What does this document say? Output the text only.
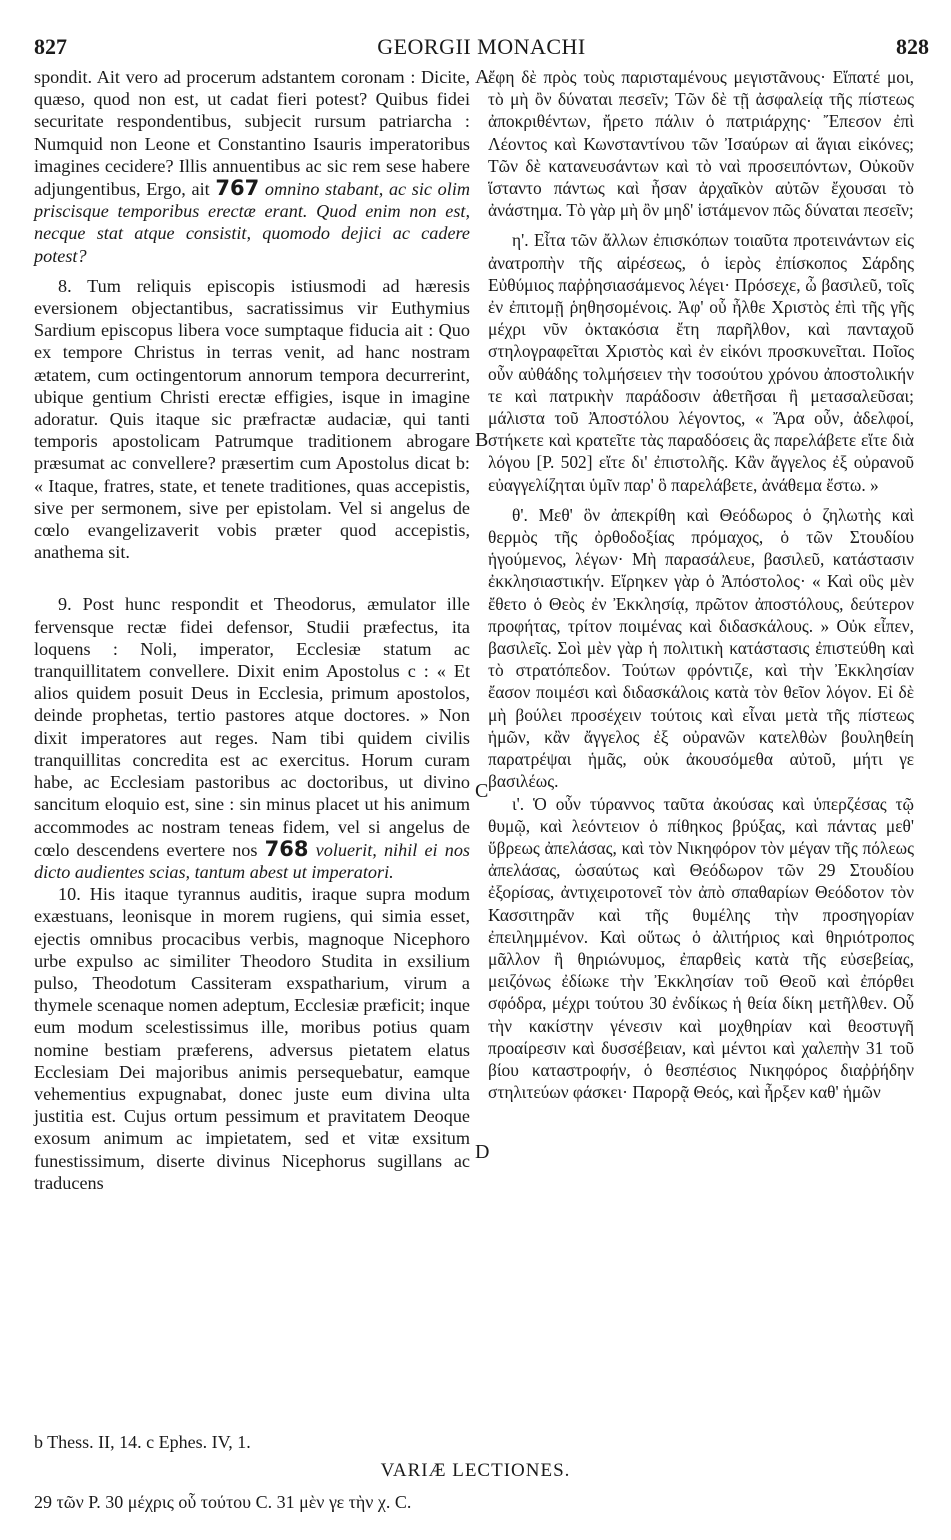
827	GEORGII MONACHI	828

spondit. Ait vero ad procerum adstantem coronam : Dicite, quæso, quod non est, ut cadat fieri potest? Quibus fidei securitate respondentibus, subjecit rursum patriarcha : Numquid non Leone et Constantino Isauris imperatoribus imagines cecidere? Illis annuentibus ac sic rem sese habere adjungentibus, Ergo, ait 767 omnino stabant, ac sic olim priscisque temporibus erectæ erant. Quod enim non est, necque stat atque consistit, quomodo dejici ac cadere potest?

8. Tum reliquis episcopis istiusmodi ad hæresis eversionem objectantibus, sacratissimus vir Euthymius Sardium episcopus libera voce sumptaque fiducia ait : Quo ex tempore Christus in terras venit, ad hanc nostram ætatem, cum octingentorum annorum tempora decurrerint, ubique gentium Christi erectæ effigies, isque in imagine adoratur. Quis itaque sic præfractæ audaciæ, qui tanti temporis apostolicam Patrumque traditionem abrogare præsumat ac convellere? præsertim cum Apostolus dicat b: « Itaque, fratres, state, et tenete traditiones, quas accepistis, sive per sermonem, sive per epistolam. Vel si angelus de cœlo evangelizaverit vobis præter quod accepistis, anathema sit.

9. Post hunc respondit et Theodorus, æmulator ille fervensque rectæ fidei defensor, Studii præfectus, ita loquens : Noli, imperator, Ecclesiæ statum ac tranquillitatem convellere. Dixit enim Apostolus c : « Et alios quidem posuit Deus in Ecclesia, primum apostolos, deinde prophetas, tertio pastores atque doctores. » Non dixit imperatores aut reges. Nam tibi quidem civilis tranquillitas concredita est ac exercitus. Horum curam habe, ac Ecclesiam pastoribus ac doctoribus, ut divino sancitum eloquio est, sine : sin minus placet ut his animum accommodes ac nostram teneas fidem, vel si angelus de cœlo descendens evertere nos 768 voluerit, nihil ei nos dicto audientes scias, tantum abest ut imperatori.

10. His itaque tyrannus auditis, iraque supra modum exæstuans, leonisque in morem rugiens, qui simia esset, ejectis omnibus procacibus verbis, magnoque Nicephoro urbe expulso ac similiter Theodoro Studita in exsilium pulso, Theodotum Cassiteram exspatharium, virum a thymele scenaque nomen adeptum, Ecclesiæ præficit; inque eum modum scelestissimus ille, moribus potius quam nomine bestiam præferens, adversus pietatem elatus Ecclesiam Dei majoribus animis persequebatur, eamque vehementius expugnabat, donec juste eum divina ulta justitia est. Cujus ortum pessimum et pravitatem Deoque exosum animum ac impietatem, sed et vitæ exsitum funestissimum, diserte divinus Nicephorus sugillans ac traducens

A
B
C
D

ἔφη δὲ πρὸς τοὺς παρισταμένους μεγιστᾶνους· Εἴπατέ μοι, τὸ μὴ ὂν δύναται πεσεῖν; Τῶν δὲ τῇ ἀσφαλείᾳ τῆς πίστεως ἀποκριθέντων, ἤρετο πάλιν ὁ πατριάρχης· Ἔπεσον ἐπὶ Λέοντος καὶ Κωνσταντίνου τῶν Ἰσαύρων αἱ ἅγιαι εἰκόνες; Τῶν δὲ κατανευσάντων καὶ τὸ ναὶ προσειπόντων, Οὐκοῦν ἵσταντο πάντως καὶ ἦσαν ἀρχαῖκὸν αὐτῶν ἔχουσαι τὸ ἀνάστημα. Τὸ γὰρ μὴ ὂν μηδ' ἱστάμενον πῶς δύναται πεσεῖν;

η'. Εἶτα τῶν ἄλλων ἐπισκόπων τοιαῦτα προτεινάντων εἰς ἀνατροπὴν τῆς αἱρέσεως, ὁ ἱερὸς ἐπίσκοπος Σάρδης Εὐθύμιος παῤῥησιασάμενος λέγει· Πρόσεχε, ὦ βασιλεῦ, τοῖς ἐν ἐπιτομῇ ῥηθησομένοις. Ἀφ' οὗ ἦλθε Χριστὸς ἐπὶ τῆς γῆς μέχρι νῦν ὀκτακόσια ἔτη παρῆλθον, καὶ πανταχοῦ στηλογραφεῖται Χριστὸς καὶ ἐν εἰκόνι προσκυνεῖται. Ποῖος οὖν αὐθάδης τολμήσειεν τὴν τοσούτου χρόνου ἀποστολικήν τε καὶ πατρικὴν παράδοσιν ἀθετῆσαι ἢ μετασαλεῦσαι; μάλιστα τοῦ Ἀποστόλου λέγοντος, « Ἄρα οὖν, ἀδελφοί, στήκετε καὶ κρατεῖτε τὰς παραδόσεις ἃς παρελάβετε εἴτε διὰ λόγου [P. 502] εἴτε δι' ἐπιστολῆς. Κἂν ἄγγελος ἐξ οὐρανοῦ εὐαγγελίζηται ὑμῖν παρ' ὃ παρελάβετε, ἀνάθεμα ἔστω. »

θ'. Μεθ' ὃν ἀπεκρίθη καὶ Θεόδωρος ὁ ζηλωτὴς καὶ θερμὸς τῆς ὀρθοδοξίας πρόμαχος, ὁ τῶν Στουδίου ἡγούμενος, λέγων· Μὴ παρασάλευε, βασιλεῦ, κατάστασιν ἐκκλησιαστικήν. Εἴρηκεν γὰρ ὁ Ἀπόστολος· « Καὶ οὓς μὲν ἔθετο ὁ Θεὸς ἐν Ἐκκλησίᾳ, πρῶτον ἀποστόλους, δεύτερον προφήτας, τρίτον ποιμένας καὶ διδασκάλους. » Οὐκ εἶπεν, βασιλεῖς. Σοὶ μὲν γὰρ ἡ πολιτικὴ κατάστασις ἐπιστεύθη καὶ τὸ στρατόπεδον. Τούτων φρόντιζε, καὶ τὴν Ἐκκλησίαν ἔασον ποιμέσι καὶ διδασκάλοις κατὰ τὸν θεῖον λόγον. Εἰ δὲ μὴ βούλει προσέχειν τούτοις καὶ εἶναι μετὰ τῆς πίστεως ἡμῶν, κἂν ἄγγελος ἐξ οὐρανῶν κατελθὼν βουληθείη παρατρέψαι ἡμᾶς, οὐκ ἀκουσόμεθα αὐτοῦ, μήτι γε βασιλέως.

ι'. Ὁ οὖν τύραννος ταῦτα ἀκούσας καὶ ὑπερζέσας τῷ θυμῷ, καὶ λεόντειον ὁ πίθηκος βρύξας, καὶ πάντας μεθ' ὕβρεως ἀπελάσας, καὶ τὸν Νικηφόρον τὸν μέγαν τῆς πόλεως ἀπελάσας, ὡσαύτως καὶ Θεόδωρον τῶν 29 Στουδίου ἐξορίσας, ἀντιχειροτονεῖ τὸν ἀπὸ σπαθαρίων Θεόδοτον τὸν Κασσιτηρᾶν καὶ τῆς θυμέλης τὴν προσηγορίαν ἐπειλημμένον. Καὶ οὕτως ὁ ἀλιτήριος καὶ θηριότροπος μᾶλλον ἢ θηριώνυμος, ἐπαρθεὶς κατὰ τῆς εὐσεβείας, μειζόνως ἐδίωκε τὴν Ἐκκλησίαν τοῦ Θεοῦ καὶ ἐπόρθει σφόδρα, μέχρι τούτου 30 ἐνδίκως ἡ θεία δίκη μετῆλθεν. Οὗ τὴν κακίστην γένεσιν καὶ μοχθηρίαν καὶ θεοστυγῆ προαίρεσιν καὶ δυσσέβειαν, καὶ μέντοι καὶ χαλεπὴν 31 τοῦ βίου καταστροφήν, ὁ θεσπέσιος Νικηφόρος διαῤῥήδην στηλιτεύων φάσκει· Παρορᾷ Θεός, καὶ ἦρξεν καθ' ἡμῶν

b Thess. II, 14. c Ephes. IV, 1.
VARIÆ LECTIONES.
29 τῶν P. 30 μέχρις οὗ τούτου C. 31 μὲν γε τὴν χ. C.
